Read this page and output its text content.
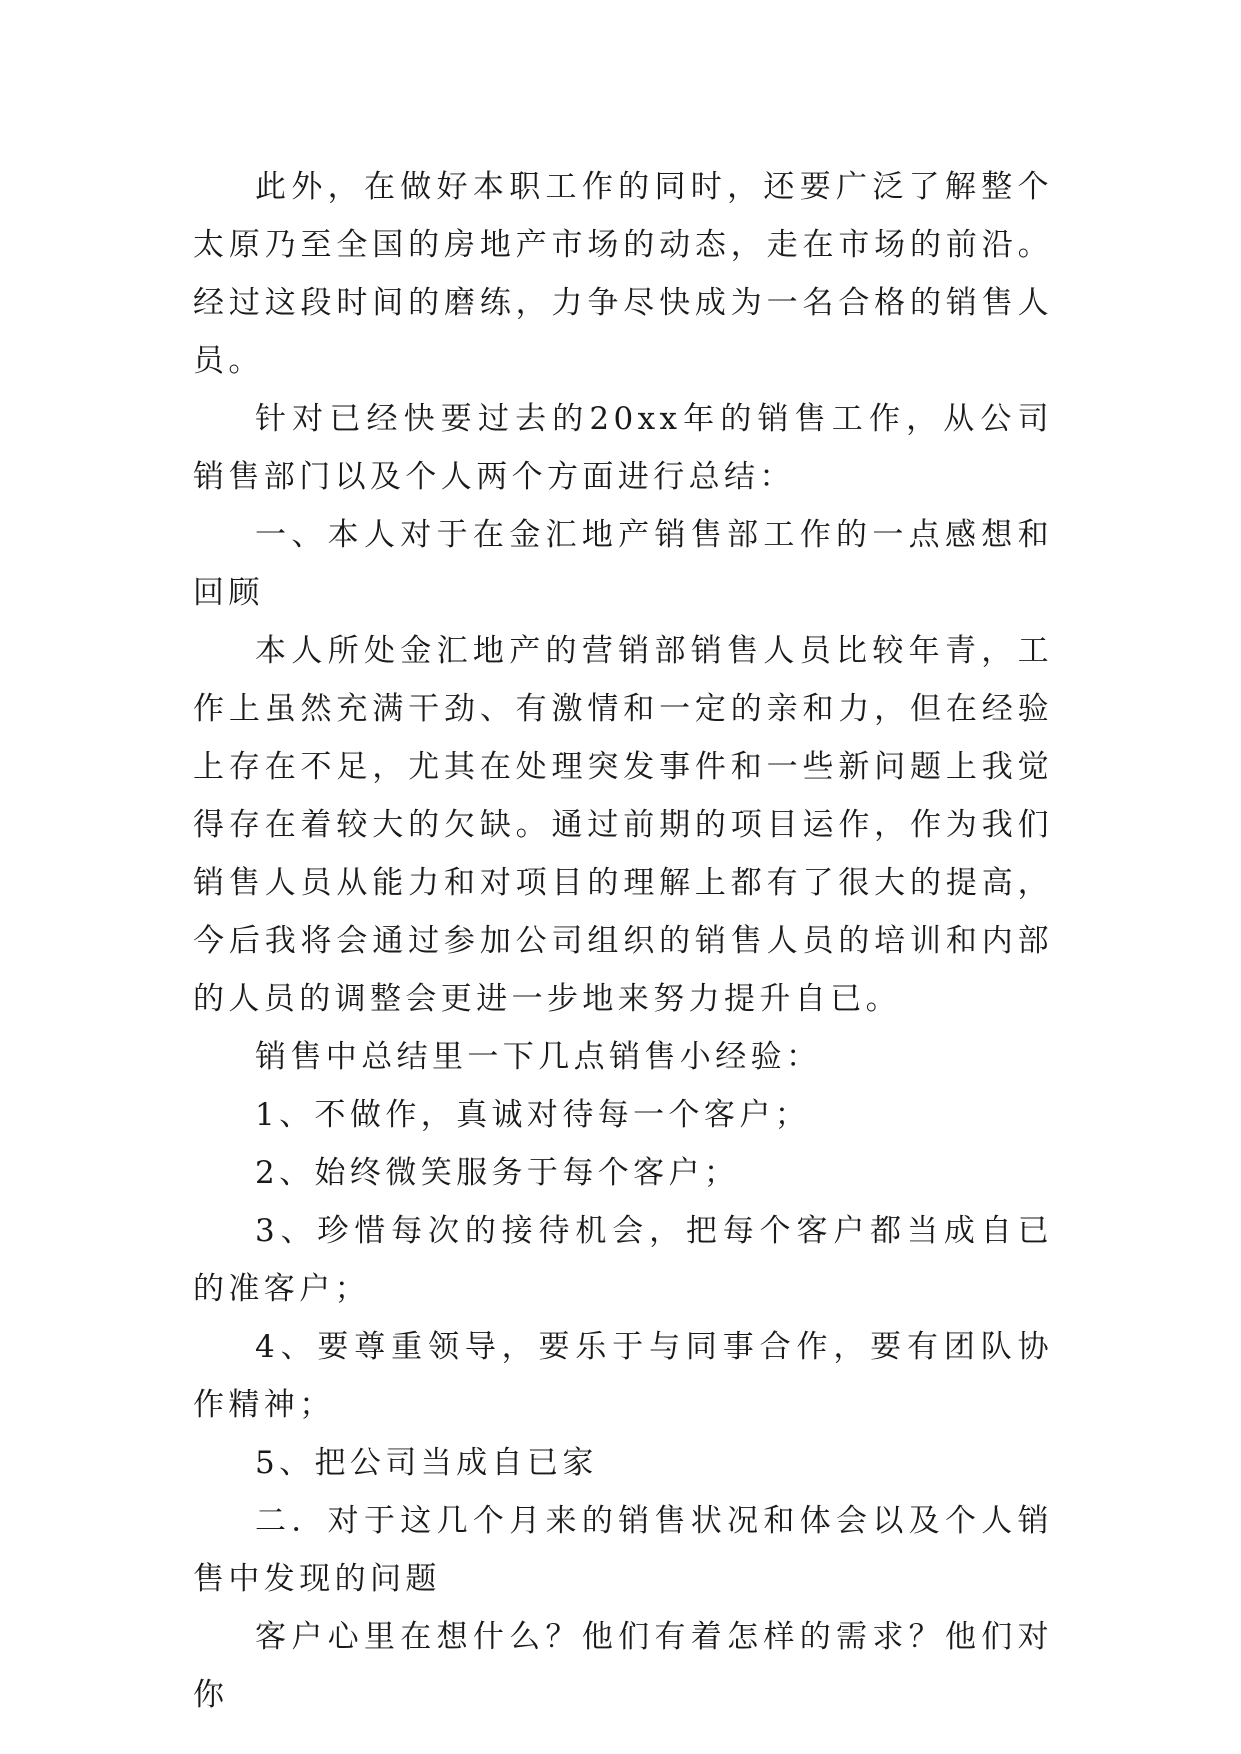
此外，在做好本职工作的同时，还要广泛了解整个太原乃至全国的房地产市场的动态，走在市场的前沿。经过这段时间的磨练，力争尽快成为一名合格的销售人员。

针对已经快要过去的20xx年的销售工作，从公司销售部门以及个人两个方面进行总结：

一、本人对于在金汇地产销售部工作的一点感想和回顾

本人所处金汇地产的营销部销售人员比较年青，工作上虽然充满干劲、有激情和一定的亲和力，但在经验上存在不足，尤其在处理突发事件和一些新问题上我觉得存在着较大的欠缺。通过前期的项目运作，作为我们销售人员从能力和对项目的理解上都有了很大的提高，今后我将会通过参加公司组织的销售人员的培训和内部的人员的调整会更进一步地来努力提升自已。

销售中总结里一下几点销售小经验：

1、不做作，真诚对待每一个客户；

2、始终微笑服务于每个客户；

3、珍惜每次的接待机会，把每个客户都当成自已的准客户；

4、要尊重领导，要乐于与同事合作，要有团队协作精神；

5、把公司当成自已家

二．对于这几个月来的销售状况和体会以及个人销售中发现的问题

客户心里在想什么？他们有着怎样的需求？他们对你
